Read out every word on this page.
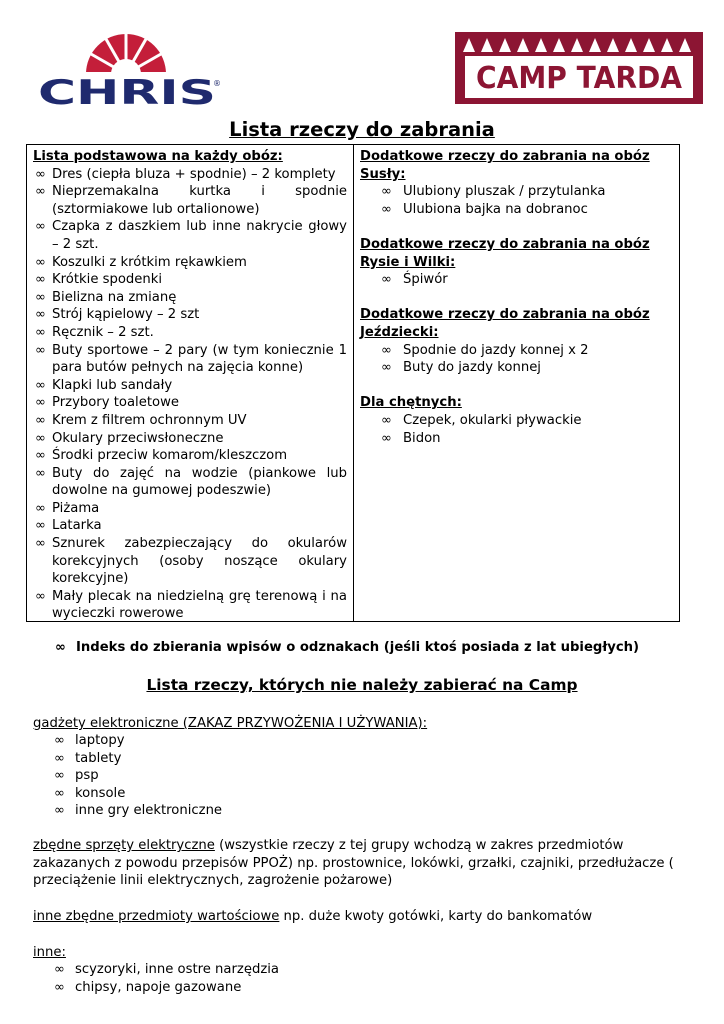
CHRIS
®	CAMP TARDA
Lista rzeczy do zabrania
Lista podstawowa na każdy obóz:
∞ Dres (ciepła bluza + spodnie) – 2 komplety
∞ Nieprzemakalna kurtka i spodnie (sztormiakowe lub ortalionowe)
∞ Czapka z daszkiem lub inne nakrycie głowy – 2 szt.
∞ Koszulki z krótkim rękawkiem
∞ Krótkie spodenki
∞ Bielizna na zmianę
∞ Strój kąpielowy – 2 szt
∞ Ręcznik – 2 szt.
∞ Buty sportowe – 2 pary (w tym koniecznie 1 para butów pełnych na zajęcia konne)
∞ Klapki lub sandały
∞ Przybory toaletowe
∞ Krem z filtrem ochronnym UV
∞ Okulary przeciwsłoneczne
∞ Środki przeciw komarom/kleszczom
∞ Buty do zajęć na wodzie (piankowe lub dowolne na gumowej podeszwie)
∞ Piżama
∞ Latarka
∞ Sznurek zabezpieczający do okularów korekcyjnych (osoby noszące okulary korekcyjne)
∞ Mały plecak na niedzielną grę terenową i na wycieczki rowerowe
Dodatkowe rzeczy do zabrania na obóz
Susły:
∞ Ulubiony pluszak / przytulanka
∞ Ulubiona bajka na dobranoc
Dodatkowe rzeczy do zabrania na obóz
Rysie i Wilki:
∞ Śpiwór
Dodatkowe rzeczy do zabrania na obóz
Jeździecki:
∞ Spodnie do jazdy konnej x 2
∞ Buty do jazdy konnej
Dla chętnych:
∞ Czepek, okularki pływackie
∞ Bidon
∞ Indeks do zbierania wpisów o odznakach (jeśli ktoś posiada z lat ubiegłych)
Lista rzeczy, których nie należy zabierać na Camp
gadżety elektroniczne (ZAKAZ PRZYWOŻENIA I UŻYWANIA):
∞ laptopy
∞ tablety
∞ psp
∞ konsole
∞ inne gry elektroniczne
zbędne sprzęty elektryczne (wszystkie rzeczy z tej grupy wchodzą w zakres przedmiotów zakazanych z powodu przepisów PPOŻ) np. prostownice, lokówki, grzałki, czajniki, przedłużacze ( przeciążenie linii elektrycznych, zagrożenie pożarowe)
inne zbędne przedmioty wartościowe np. duże kwoty gotówki, karty do bankomatów
inne:
∞ scyzoryki, inne ostre narzędzia
∞ chipsy, napoje gazowane
